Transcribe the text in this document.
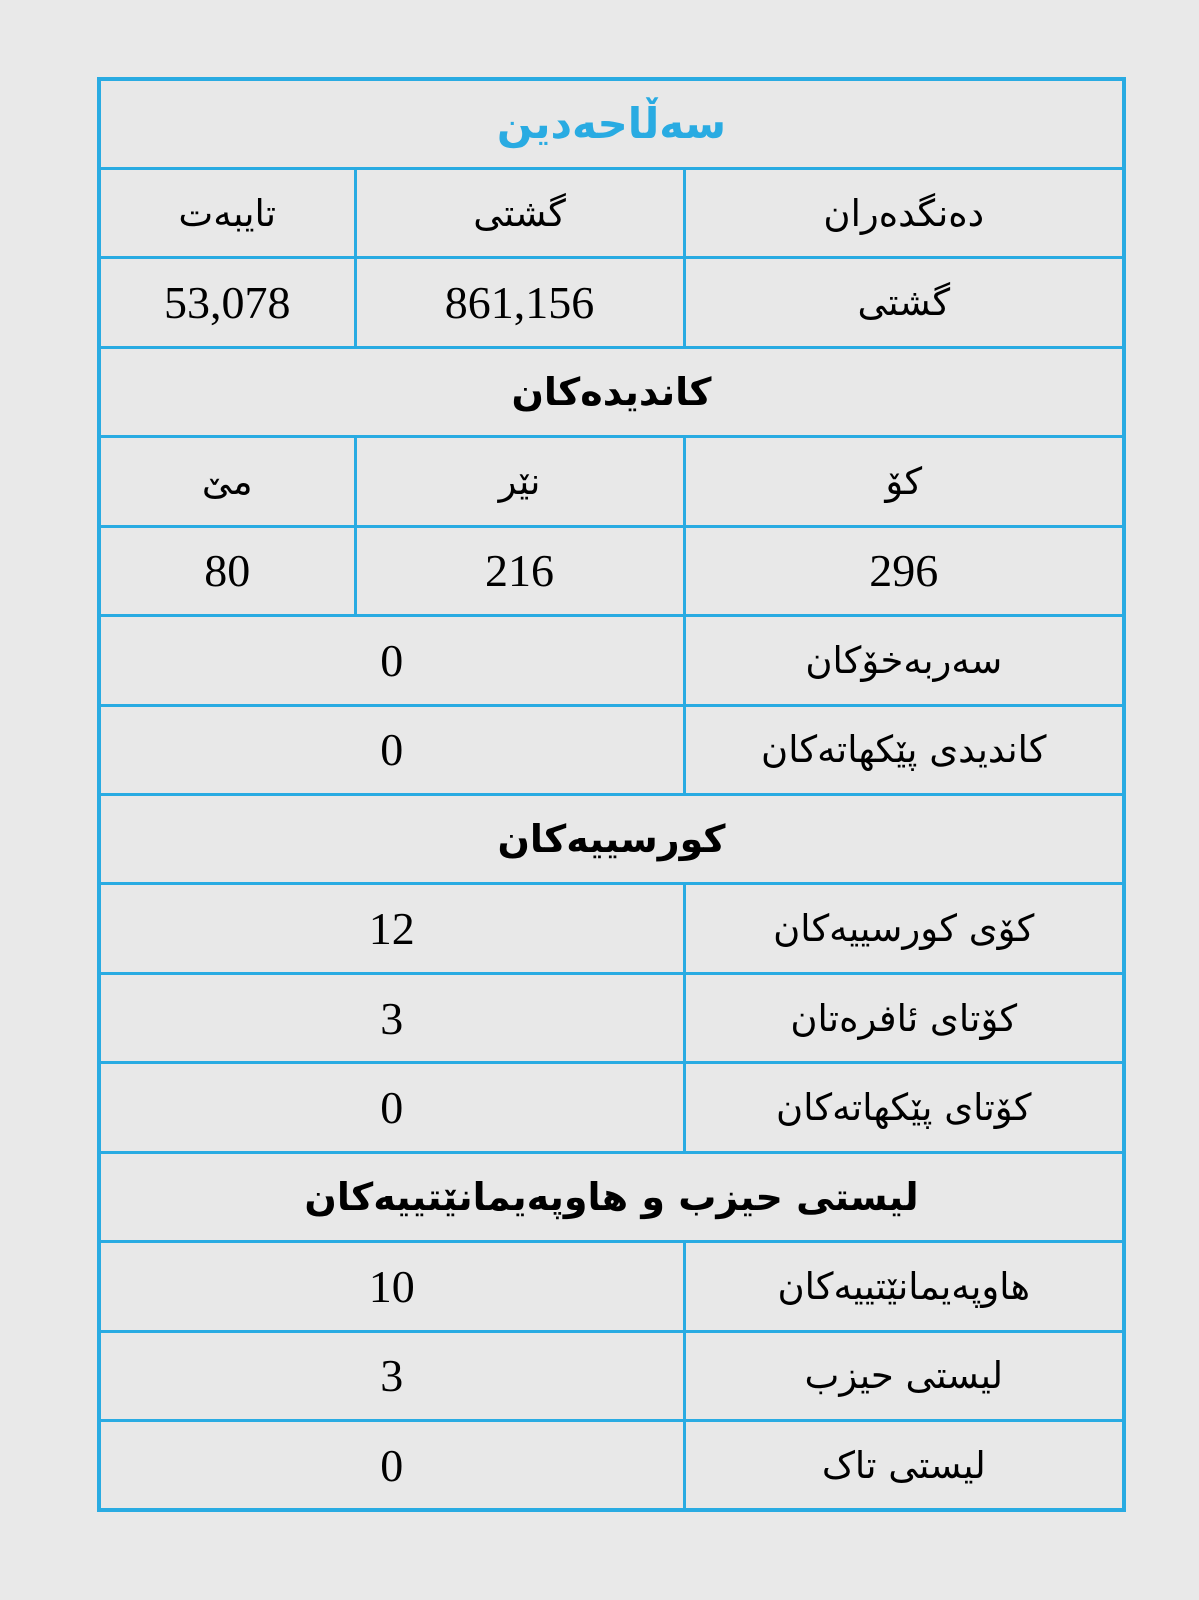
سەڵاحەدین		
دەنگدەران	گشتی	تایبەت
گشتی	861,156	53,078
کاندیدەکان		
کۆ	نێر	مێ
296	216	80
سەربەخۆکان	0	
کاندیدی پێکهاتەکان	0	
کورسییەکان		
کۆی کورسییەکان	12	
کۆتای ئافرەتان	3	
کۆتای پێکهاتەکان	0	
لیستی حیزب و هاوپەیمانێتییەکان		
هاوپەیمانێتییەکان	10	
لیستی حیزب	3	
لیستی تاک	0	
